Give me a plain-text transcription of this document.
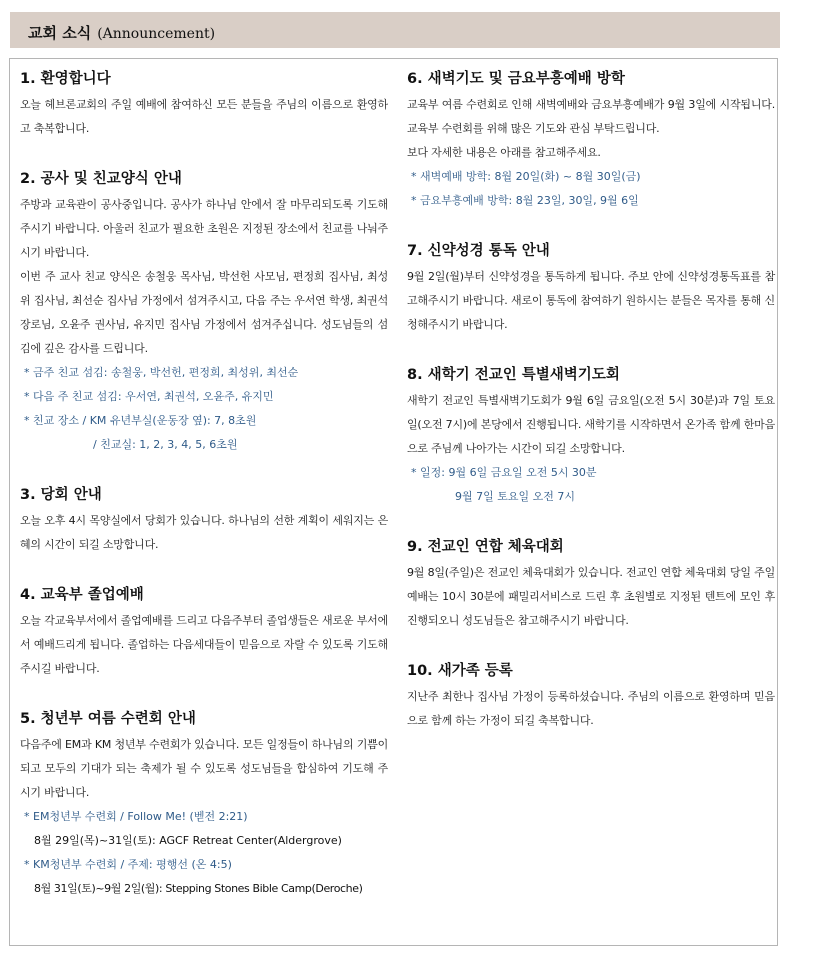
교회 소식 (Announcement)
1. 환영합니다

오늘 헤브론교회의 주일 예배에 참여하신 모든 분들을 주님의 이름으로 환영하고 축복합니다.

2. 공사 및 친교양식 안내

주방과 교육관이 공사중입니다. 공사가 하나님 안에서 잘 마무리되도록 기도해주시기 바랍니다. 아울러 친교가 필요한 초원은 지정된 장소에서 친교를 나눠주시기 바랍니다.

이번 주 교사 친교 양식은 송철웅 목사님, 박선헌 사모님, 편정희 집사님, 최성위 집사님, 최선순 집사님 가정에서 섬겨주시고, 다음 주는 우서연 학생, 최권석 장로님, 오윤주 권사님, 유지민 집사님 가정에서 섬겨주십니다. 성도님들의 섬김에 깊은 감사를 드립니다.

* 금주 친교 섬김: 송철웅, 박선헌, 편정희, 최성위, 최선순
* 다음 주 친교 섬김: 우서연, 최권석, 오윤주, 유지민
* 친교 장소 / KM 유년부실(운동장 옆): 7, 8초원
/ 친교실: 1, 2, 3, 4, 5, 6초원
3. 당회 안내

오늘 오후 4시 목양실에서 당회가 있습니다. 하나님의 선한 계획이 세워지는 은혜의 시간이 되길 소망합니다.

4. 교육부 졸업예배

오늘 각교육부서에서 졸업예배를 드리고 다음주부터 졸업생들은 새로운 부서에서 예배드리게 됩니다. 졸업하는 다음세대들이 믿음으로 자랄 수 있도록 기도해주시길 바랍니다.

5. 청년부 여름 수련회 안내

다음주에 EM과 KM 청년부 수련회가 있습니다. 모든 일정들이 하나님의 기쁨이 되고 모두의 기대가 되는 축제가 될 수 있도록 성도님들을 합심하여 기도해 주시기 바랍니다.

* EM청년부 수련회 / Follow Me! (벧전 2:21)
8월 29일(목)~31일(토): AGCF Retreat Center(Aldergrove)
* KM청년부 수련회 / 주제: 평행선 (온 4:5)
8월 31일(토)~9월 2일(월): Stepping Stones Bible Camp(Deroche)
6. 새벽기도 및 금요부흥예배 방학

교육부 여름 수련회로 인해 새벽예배와 금요부흥예배가 9월 3일에 시작됩니다. 교육부 수련회를 위해 많은 기도와 관심 부탁드립니다.

보다 자세한 내용은 아래를 참고해주세요.

* 새벽예배 방학: 8월 20일(화) ~ 8월 30일(금)
* 금요부흥예배 방학: 8월 23일, 30일, 9월 6일
7. 신약성경 통독 안내

9월 2일(월)부터 신약성경을 통독하게 됩니다. 주보 안에 신약성경통독표를 참고해주시기 바랍니다. 새로이 통독에 참여하기 원하시는 분들은 목자를 통해 신청해주시기 바랍니다.

8. 새학기 전교인 특별새벽기도회

새학기 전교인 특별새벽기도회가 9월 6일 금요일(오전 5시 30분)과 7일 토요일(오전 7시)에 본당에서 진행됩니다. 새학기를 시작하면서 온가족 함께 한마음으로 주님께 나아가는 시간이 되길 소망합니다.

* 일정: 9월 6일 금요일 오전 5시 30분
9월 7일 토요일 오전 7시
9. 전교인 연합 체육대회

9월 8일(주일)은 전교인 체육대회가 있습니다. 전교인 연합 체육대회 당일 주일 예배는 10시 30분에 패밀리서비스로 드린 후 초원별로 지정된 텐트에 모인 후 진행되오니 성도님들은 참고해주시기 바랍니다.

10. 새가족 등록

지난주 최한나 집사님 가정이 등록하셨습니다. 주님의 이름으로 환영하며 믿음으로 함께 하는 가정이 되길 축복합니다.
